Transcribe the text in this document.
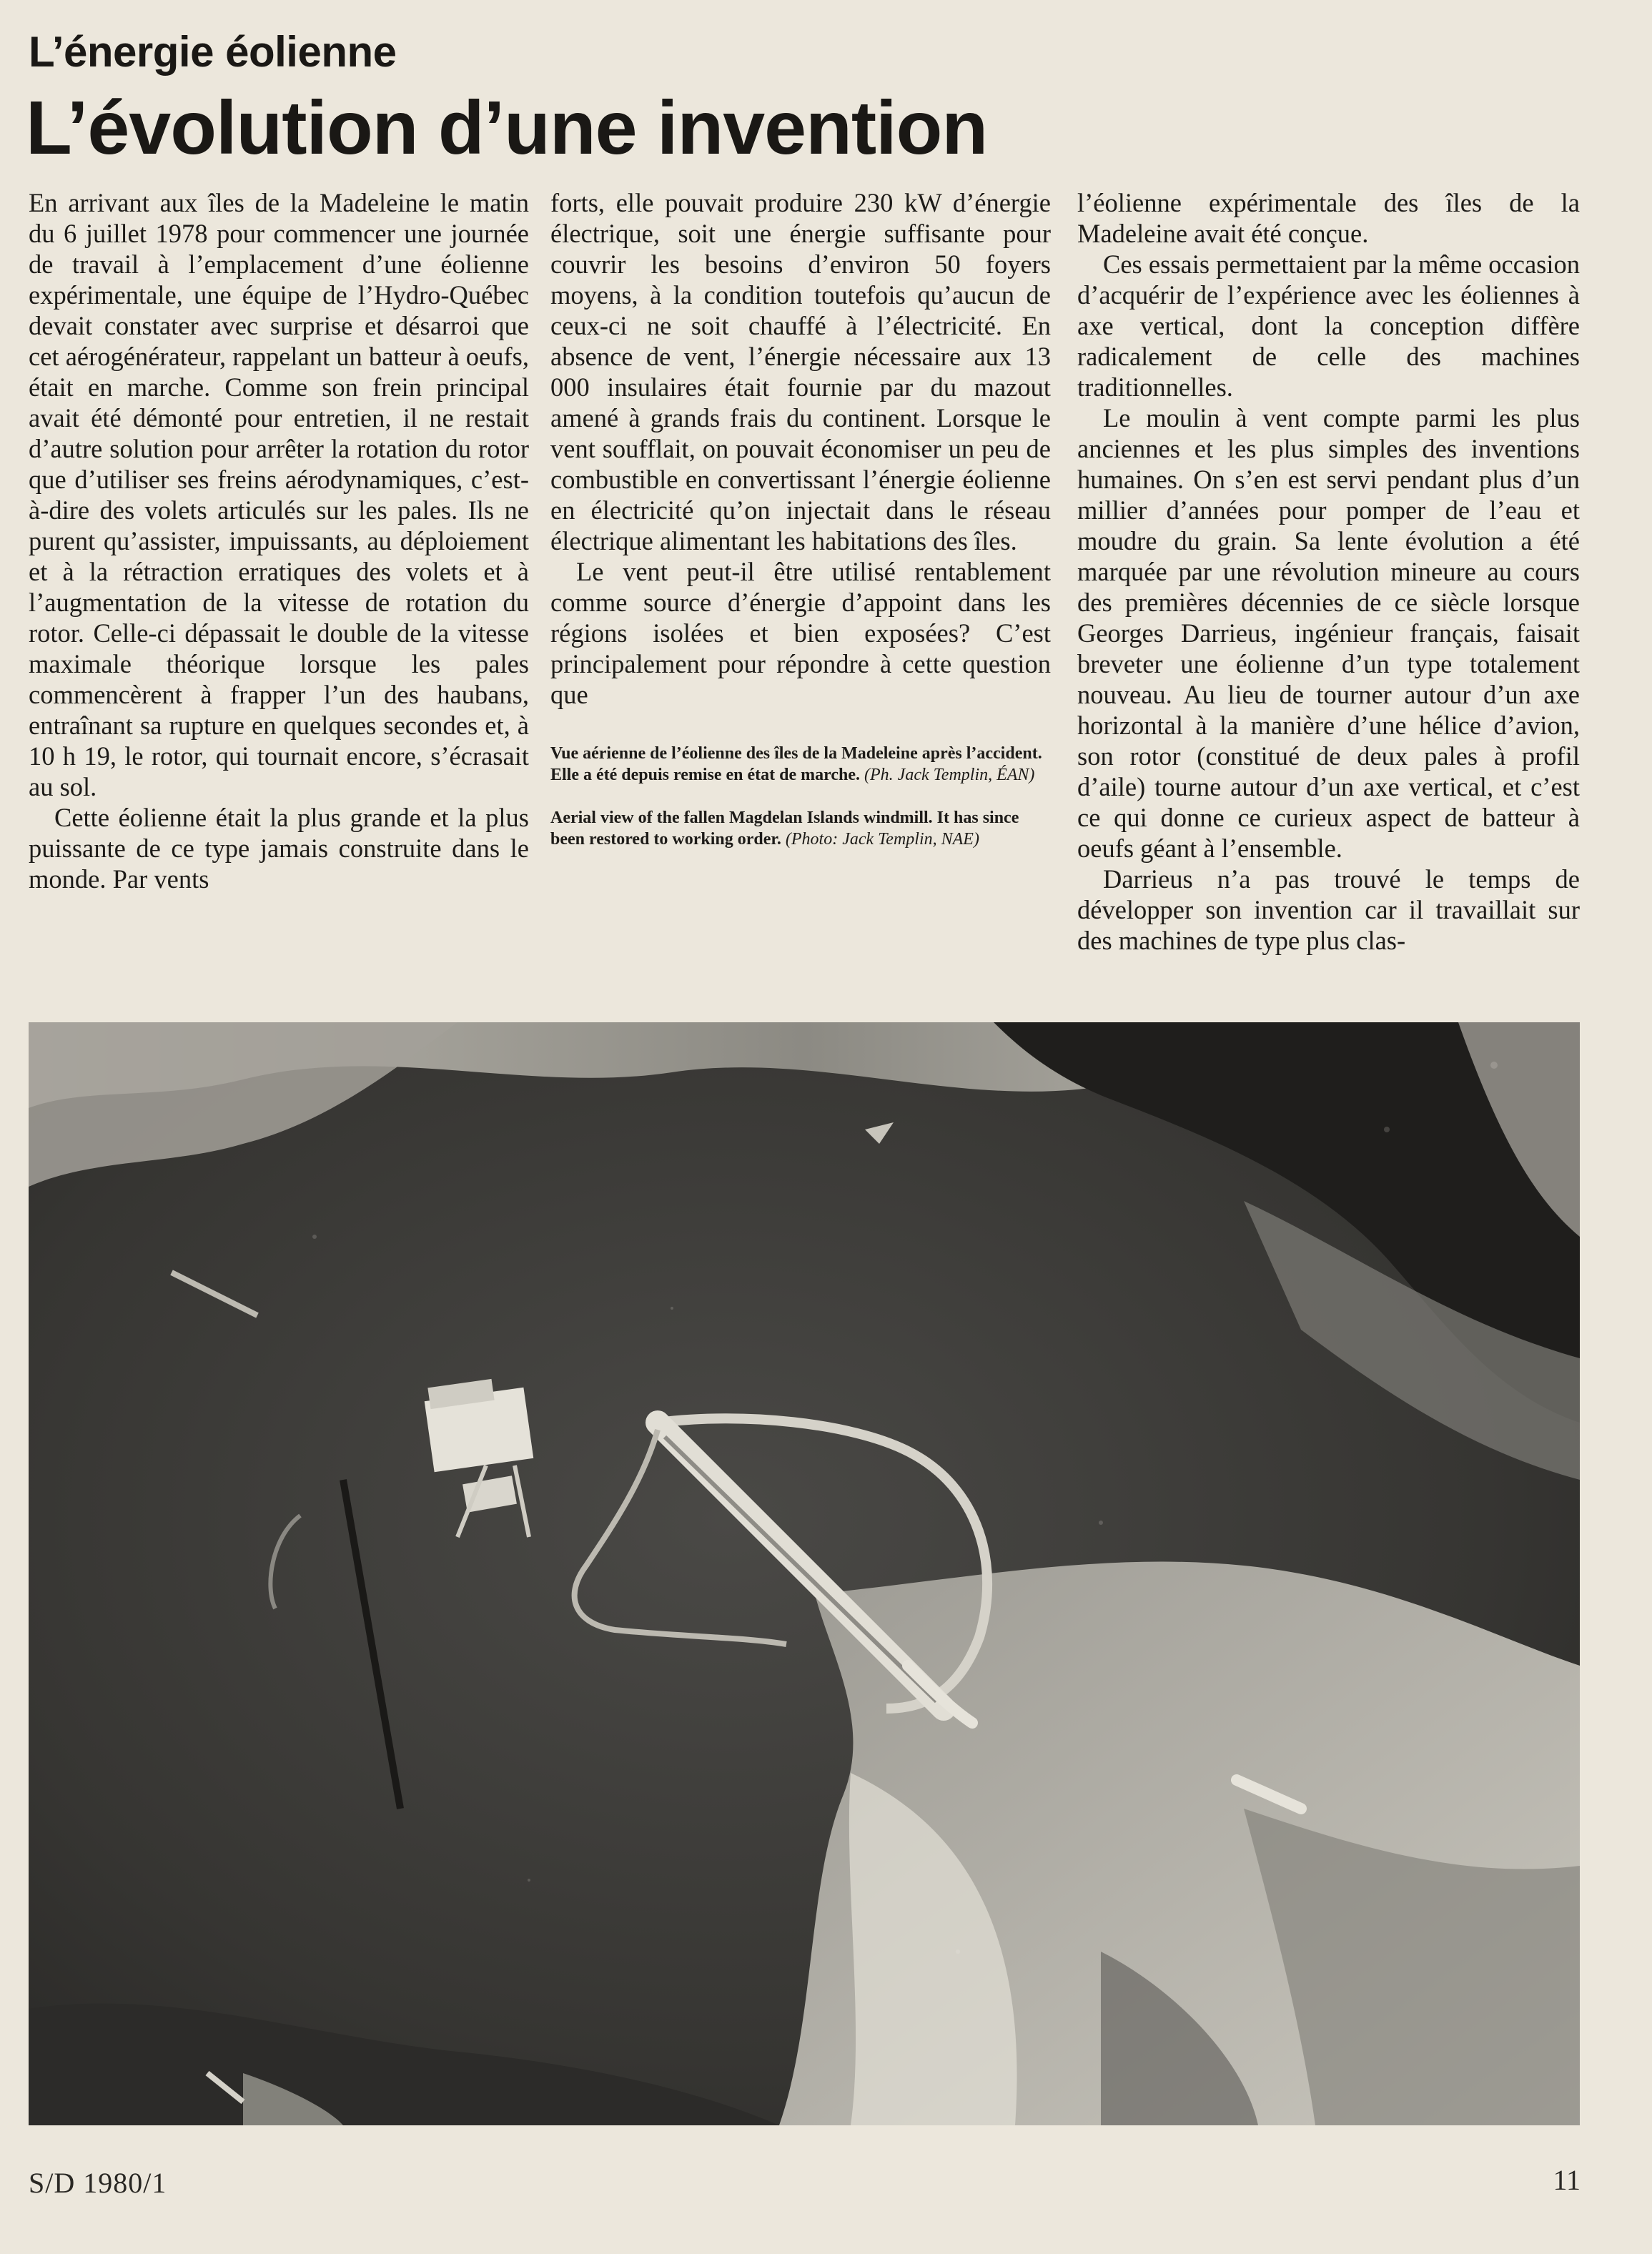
L’énergie éolienne
L’évolution d’une invention

En arrivant aux îles de la Madeleine le matin du 6 juillet 1978 pour commencer une journée de travail à l’emplacement d’une éolienne expérimentale, une équipe de l’Hydro-Québec devait constater avec surprise et désarroi que cet aérogénérateur, rappelant un batteur à oeufs, était en marche. Comme son frein principal avait été démonté pour entretien, il ne restait d’autre solution pour arrêter la rotation du rotor que d’utiliser ses freins aérodynamiques, c’est-à-dire des volets articulés sur les pales. Ils ne purent qu’assister, impuissants, au déploiement et à la rétraction erratiques des volets et à l’augmentation de la vitesse de rotation du rotor. Celle-ci dépassait le double de la vitesse maximale théorique lorsque les pales commencèrent à frapper l’un des haubans, entraînant sa rupture en quelques secondes et, à 10 h 19, le rotor, qui tournait encore, s’écrasait au sol.

Cette éolienne était la plus grande et la plus puissante de ce type jamais construite dans le monde. Par vents

forts, elle pouvait produire 230 kW d’énergie électrique, soit une énergie suffisante pour couvrir les besoins d’environ 50 foyers moyens, à la condition toutefois qu’aucun de ceux-ci ne soit chauffé à l’électricité. En absence de vent, l’énergie nécessaire aux 13 000 insulaires était fournie par du mazout amené à grands frais du continent. Lorsque le vent soufflait, on pouvait économiser un peu de combustible en convertissant l’énergie éolienne en électricité qu’on injectait dans le réseau électrique alimentant les habitations des îles.

Le vent peut-il être utilisé rentablement comme source d’énergie d’appoint dans les régions isolées et bien exposées? C’est principalement pour répondre à cette question que

Vue aérienne de l’éolienne des îles de la Madeleine après l’accident. Elle a été depuis remise en état de marche. (Ph. Jack Templin, ÉAN)
Aerial view of the fallen Magdelan Islands windmill. It has since been restored to working order. (Photo: Jack Templin, NAE)

l’éolienne expérimentale des îles de la Madeleine avait été conçue.

Ces essais permettaient par la même occasion d’acquérir de l’expérience avec les éoliennes à axe vertical, dont la conception diffère radicalement de celle des machines traditionnelles.

Le moulin à vent compte parmi les plus anciennes et les plus simples des inventions humaines. On s’en est servi pendant plus d’un millier d’années pour pomper de l’eau et moudre du grain. Sa lente évolution a été marquée par une révolution mineure au cours des premières décennies de ce siècle lorsque Georges Darrieus, ingénieur français, faisait breveter une éolienne d’un type totalement nouveau. Au lieu de tourner autour d’un axe horizontal à la manière d’une hélice d’avion, son rotor (constitué de deux pales à profil d’aile) tourne autour d’un axe vertical, et c’est ce qui donne ce curieux aspect de batteur à oeufs géant à l’ensemble.

Darrieus n’a pas trouvé le temps de développer son invention car il travaillait sur des machines de type plus clas-

S/D 1980/1	11
